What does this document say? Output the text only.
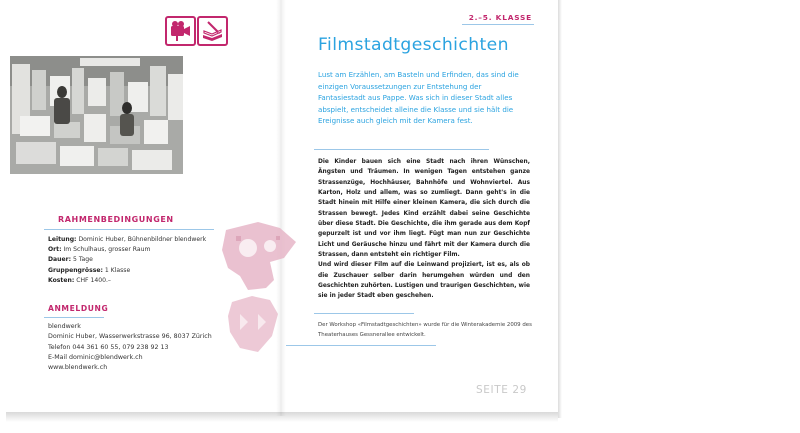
RAHMENBEDINGUNGEN
Leitung: Dominic Huber, Bühnenbildner blendwerk
Ort: Im Schulhaus, grosser Raum
Dauer: 5 Tage
Gruppengrösse: 1 Klasse
Kosten: CHF 1400.–
ANMELDUNG
blendwerk
Dominic Huber, Wasserwerkstrasse 96, 8037 Zürich
Telefon 044 361 60 55, 079 238 92 13
E-Mail dominic@blendwerk.ch
www.blendwerk.ch
2.–5. KLASSE
Filmstadtgeschichten
Lust am Erzählen, am Basteln und Erfinden, das sind die einzigen Voraussetzungen zur Entstehung der Fantasiestadt aus Pappe. Was sich in dieser Stadt alles abspielt, entscheidet alleine die Klasse und sie hält die Ereignisse auch gleich mit der Kamera fest.

Die Kinder bauen sich eine Stadt nach ihren Wünschen, Ängsten und Träumen. In wenigen Tagen entstehen ganze Strassenzüge, Hochhäuser, Bahnhöfe und Wohnviertel. Aus Karton, Holz und allem, was so zumliegt. Dann geht's in die Stadt hinein mit Hilfe einer kleinen Kamera, die sich durch die Strassen bewegt. Jedes Kind erzählt dabei seine Geschichte über diese Stadt. Die Geschichte, die ihm gerade aus dem Kopf gepurzelt ist und vor ihm liegt. Fügt man nun zur Geschichte Licht und Geräusche hinzu und fährt mit der Kamera durch die Strassen, dann entsteht ein richtiger Film.

Und wird dieser Film auf die Leinwand projiziert, ist es, als ob die Zuschauer selber darin herumgehen würden und den Geschichten zuhörten. Lustigen und traurigen Geschichten, wie sie in jeder Stadt eben geschehen.

Der Workshop «Filmstadtgeschichten» wurde für die Winterakademie 2009 des Theaterhauses Gessnerallee entwickelt.
SEITE 29
